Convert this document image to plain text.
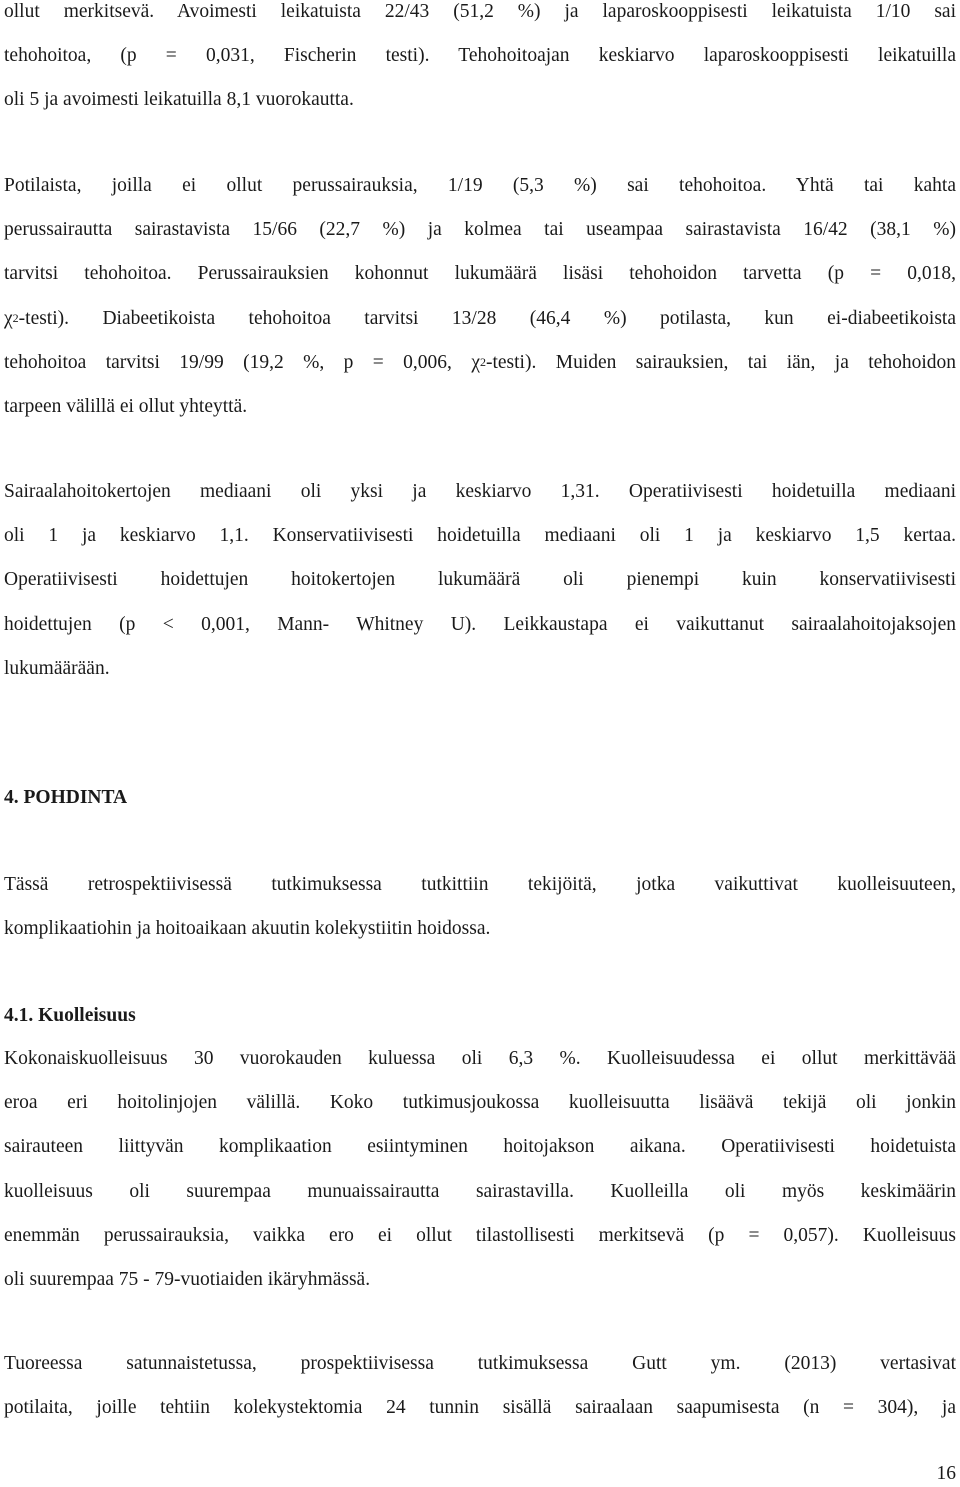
ollut merkitsevä. Avoimesti leikatuista 22/43 (51,2 %) ja laparoskooppisesti leikatuista 1/10 sai
tehohoitoa, (p = 0,031, Fischerin testi). Tehohoitoajan keskiarvo laparoskooppisesti leikatuilla
oli 5 ja avoimesti leikatuilla 8,1 vuorokautta.
Potilaista, joilla ei ollut perussairauksia, 1/19 (5,3 %) sai tehohoitoa. Yhtä tai kahta
perussairautta sairastavista 15/66 (22,7 %) ja kolmea tai useampaa sairastavista 16/42 (38,1 %)
tarvitsi tehohoitoa. Perussairauksien kohonnut lukumäärä lisäsi tehohoidon tarvetta (p = 0,018,
$\chi^2-testi$). Diabeetikoista tehohoitoa tarvitsi 13/28 (46,4 %) potilasta, kun ei-diabeetikoista
tehohoitoa tarvitsi 19/99 (19,2 %, p = 0,006, $\chi^2-testi$). Muiden sairauksien, tai iän, ja tehohoidon
tarpeen välillä ei ollut yhteyttä.
Sairaalahoitokertojen mediaani oli yksi ja keskiarvo 1,31. Operatiivisesti hoidetuilla mediaani
oli 1 ja keskiarvo 1,1. Konservatiivisesti hoidetuilla mediaani oli 1 ja keskiarvo 1,5 kertaa.
Operatiivisesti hoidettujen hoitokertojen lukumäärä oli pienempi kuin konservatiivisesti
hoidettujen (p < 0,001, Mann- Whitney U). Leikkaustapa ei vaikuttanut sairaalahoitojaksojen
lukumäärään.
4. POHDINTA
Tässä retrospektiivisessä tutkimuksessa tutkittiin tekijöitä, jotka vaikuttivat kuolleisuuteen,
komplikaatiohin ja hoitoaikaan akuutin kolekystiitin hoidossa.
4.1. Kuolleisuus
Kokonaiskuolleisuus 30 vuorokauden kuluessa oli 6,3 %. Kuolleisuudessa ei ollut merkittävää
eroa eri hoitolinjojen välillä. Koko tutkimusjoukossa kuolleisuutta lisäävä tekijä oli jonkin
sairauteen liittyvän komplikaation esiintyminen hoitojakson aikana. Operatiivisesti hoidetuista
kuolleisuus oli suurempaa munuaissairautta sairastavilla. Kuolleilla oli myös keskimäärin
enemmän perussairauksia, vaikka ero ei ollut tilastollisesti merkitsevä (p = 0,057). Kuolleisuus
oli suurempaa 75 - 79-vuotiaiden ikäryhmässä.
Tuoreessa satunnaistetussa, prospektiivisessa tutkimuksessa Gutt ym. (2013) vertasivat
potilaita, joille tehtiin kolekystektomia 24 tunnin sisällä sairaalaan saapumisesta (n = 304), ja
16
